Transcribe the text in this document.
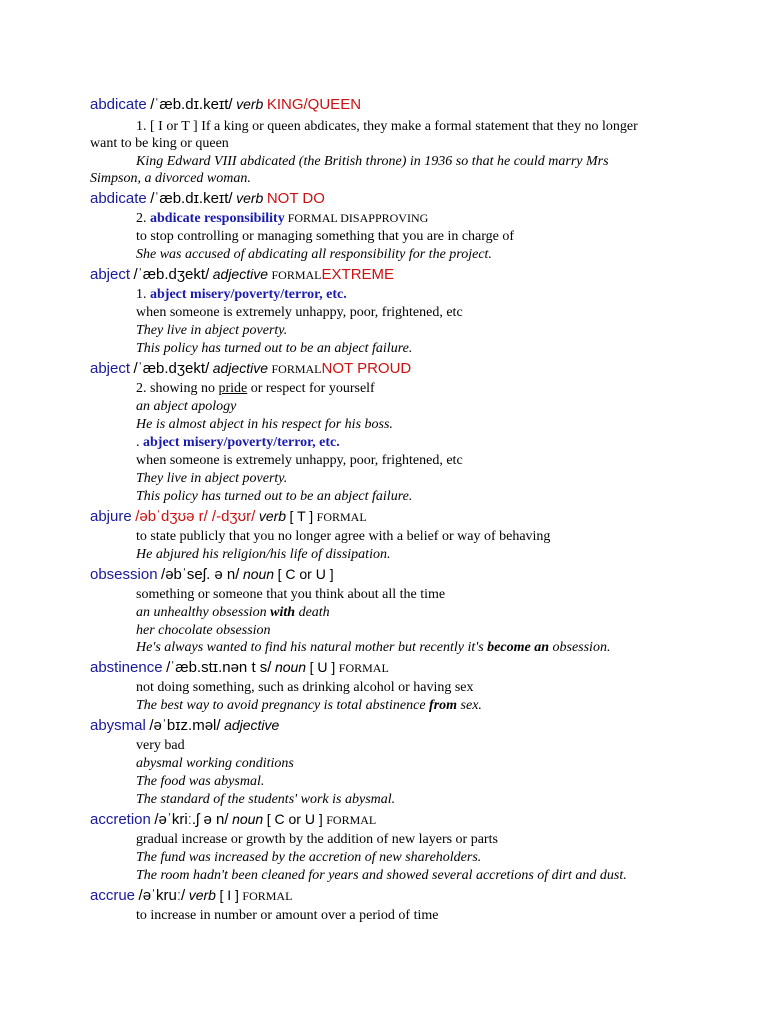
abdicate /ˈæb.dɪ.keɪt/ verb KING/QUEEN
1. [ I or T ] If a king or queen abdicates, they make a formal statement that they no longer
want to be king or queen
King Edward VIII abdicated (the British throne) in 1936 so that he could marry Mrs
Simpson, a divorced woman.
abdicate /ˈæb.dɪ.keɪt/ verb NOT DO
2. abdicate responsibility FORMAL DISAPPROVING
to stop controlling or managing something that you are in charge of
She was accused of abdicating all responsibility for the project.
abject /ˈæb.dʒekt/ adjective FORMALEXTREME
1. abject misery/poverty/terror, etc.
when someone is extremely unhappy, poor, frightened, etc
They live in abject poverty.
This policy has turned out to be an abject failure.
abject /ˈæb.dʒekt/ adjective FORMALNOT PROUD
2. showing no pride or respect for yourself
an abject apology
He is almost abject in his respect for his boss.
. abject misery/poverty/terror, etc.
when someone is extremely unhappy, poor, frightened, etc
They live in abject poverty.
This policy has turned out to be an abject failure.
abjure /əbˈdʒʊə r/ /-dʒʊr/ verb [ T ] FORMAL
to state publicly that you no longer agree with a belief or way of behaving
He abjured his religion/his life of dissipation.
obsession /əbˈseʃ. ə n/ noun [ C or U ]
something or someone that you think about all the time
an unhealthy obsession with death
her chocolate obsession
He's always wanted to find his natural mother but recently it's become an obsession.
abstinence /ˈæb.stɪ.nən t s/ noun [ U ] FORMAL
not doing something, such as drinking alcohol or having sex
The best way to avoid pregnancy is total abstinence from sex.
abysmal /əˈbɪz.məl/ adjective
very bad
abysmal working conditions
The food was abysmal.
The standard of the students' work is abysmal.
accretion /əˈkriː.ʃ ə n/ noun [ C or U ] FORMAL
gradual increase or growth by the addition of new layers or parts
The fund was increased by the accretion of new shareholders.
The room hadn't been cleaned for years and showed several accretions of dirt and dust.
accrue /əˈkruː/ verb [ I ] FORMAL
to increase in number or amount over a period of time
